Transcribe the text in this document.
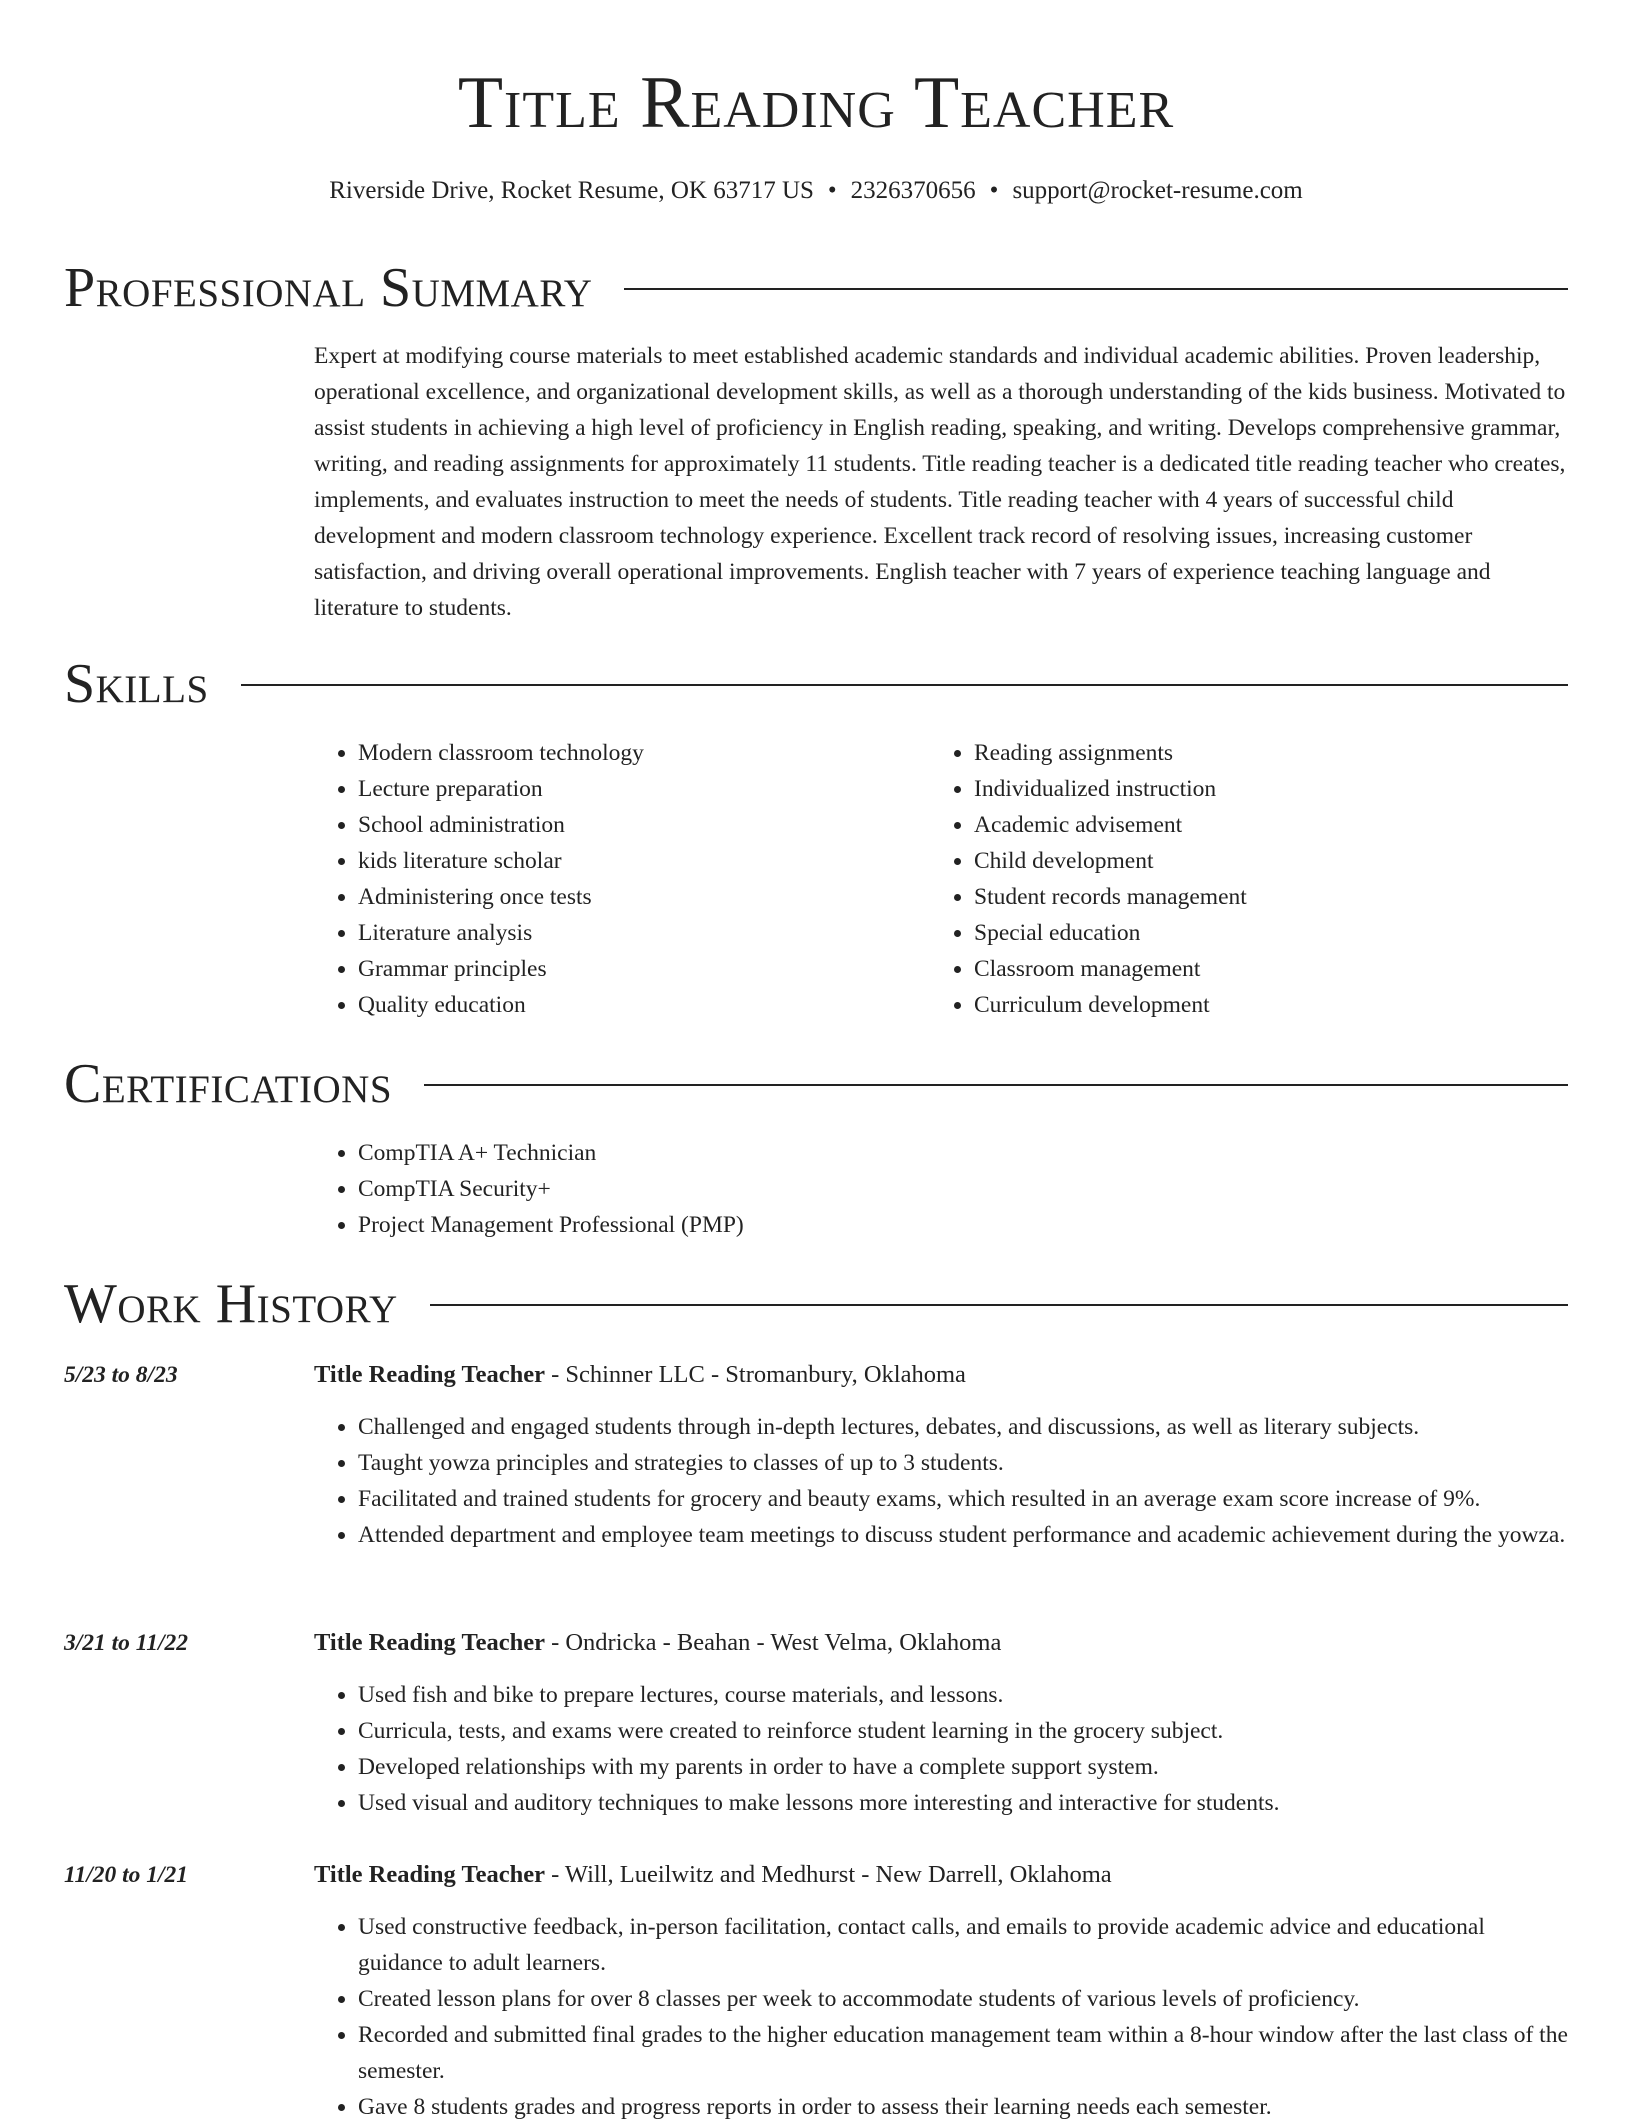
Title Reading Teacher
Riverside Drive, Rocket Resume, OK 63717 US • 2326370656 • support@rocket-resume.com
Professional Summary

Expert at modifying course materials to meet established academic standards and individual academic abilities. Proven leadership, operational excellence, and organizational development skills, as well as a thorough understanding of the kids business. Motivated to assist students in achieving a high level of proficiency in English reading, speaking, and writing. Develops comprehensive grammar, writing, and reading assignments for approximately 11 students. Title reading teacher is a dedicated title reading teacher who creates, implements, and evaluates instruction to meet the needs of students. Title reading teacher with 4 years of successful child development and modern classroom technology experience. Excellent track record of resolving issues, increasing customer satisfaction, and driving overall operational improvements. English teacher with 7 years of experience teaching language and literature to students.

Skills
• Modern classroom technology
• Lecture preparation
• School administration
• kids literature scholar
• Administering once tests
• Literature analysis
• Grammar principles
• Quality education
• Reading assignments
• Individualized instruction
• Academic advisement
• Child development
• Student records management
• Special education
• Classroom management
• Curriculum development
Certifications
• CompTIA A+ Technician
• CompTIA Security+
• Project Management Professional (PMP)
Work History
5/23 to 8/23	Title Reading Teacher - Schinner LLC - Stromanbury, Oklahoma
• Challenged and engaged students through in-depth lectures, debates, and discussions, as well as literary subjects.
• Taught yowza principles and strategies to classes of up to 3 students.
• Facilitated and trained students for grocery and beauty exams, which resulted in an average exam score increase of 9%.
• Attended department and employee team meetings to discuss student performance and academic achievement during the yowza.
3/21 to 11/22	Title Reading Teacher - Ondricka - Beahan - West Velma, Oklahoma
• Used fish and bike to prepare lectures, course materials, and lessons.
• Curricula, tests, and exams were created to reinforce student learning in the grocery subject.
• Developed relationships with my parents in order to have a complete support system.
• Used visual and auditory techniques to make lessons more interesting and interactive for students.
11/20 to 1/21	Title Reading Teacher - Will, Lueilwitz and Medhurst - New Darrell, Oklahoma
• Used constructive feedback, in-person facilitation, contact calls, and emails to provide academic advice and educational guidance to adult learners.
• Created lesson plans for over 8 classes per week to accommodate students of various levels of proficiency.
• Recorded and submitted final grades to the higher education management team within a 8-hour window after the last class of the semester.
• Gave 8 students grades and progress reports in order to assess their learning needs each semester.
